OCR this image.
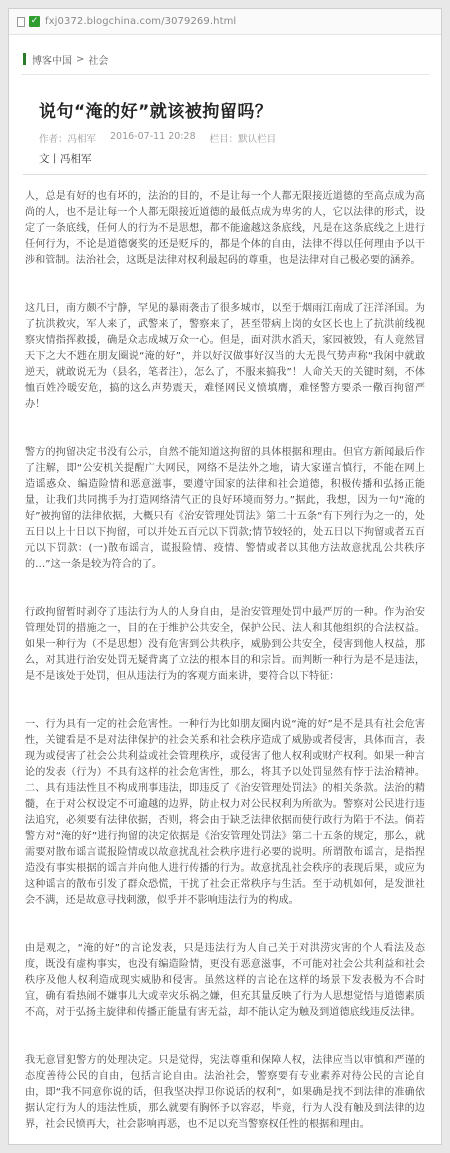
✓ fxj0372.blogchina.com/3079269.html
博客中国 > 社会
说句“淹的好”就该被拘留吗？
作者：冯相军 2016-07-11 20:28 栏目：默认栏目
文丨冯相军

人，总是有好的也有坏的，法治的目的，不是让每一个人都无限接近道德的至高点成为高尚的人，也不是让每一个人都无限接近道德的最低点成为卑劣的人，它以法律的形式，设定了一条底线，任何人的行为不是思想，都不能逾越这条底线，凡是在这条底线之上进行任何行为，不论是道德褒奖的还是贬斥的，都是个体的自由，法律不得以任何理由予以干涉和管制。法治社会，这既是法律对权利最起码的尊重，也是法律对自己极必要的涵养。

这几日，南方颇不宁静，罕见的暴雨袭击了很多城市，以至于烟雨江南成了汪洋泽国。为了抗洪救灾，军人来了，武警来了，警察来了，甚至带病上岗的女区长也上了抗洪前线视察灾情指挥救援，确是众志成城万众一心。但是，面对洪水滔天，家园被毁，有人竟然冒天下之大不韪在朋友圈说“淹的好”，并以好汉做事好汉当的大无畏气势声称“我闲中就敢逆天，就敢说无为（县名，笔者注），怎么了，不服来搞我”！人命关天的关键时刻，不体恤百姓冷暖安危，搞的这么声势震天，难怪网民义愤填膺，难怪警方要杀一儆百拘留严办！

警方的拘留决定书没有公示，自然不能知道这拘留的具体根据和理由。但官方新闻最后作了注解，即“公安机关提醒广大网民，网络不是法外之地，请大家谨言慎行，不能在网上造谣惑众、编造险情和恶意滋事，要遵守国家的法律和社会道德，积极传播和弘扬正能量，让我们共同携手为打造网络清气正的良好环境而努力。”据此，我想，因为一句“淹的好”被拘留的法律依据，大概只有《治安管理处罚法》第二十五条“有下列行为之一的，处五日以上十日以下拘留，可以并处五百元以下罚款;情节较轻的，处五日以下拘留或者五百元以下罚款：(一)散布谣言，谎报险情、疫情、警情或者以其他方法故意扰乱公共秩序的…”这一条是较为符合的了。

行政拘留暂时剥夺了违法行为人的人身自由，是治安管理处罚中最严厉的一种。作为治安管理处罚的措施之一，目的在于维护公共安全，保护公民、法人和其他组织的合法权益。如果一种行为（不是思想）没有危害到公共秩序，威胁到公共安全，侵害到他人权益，那么，对其进行治安处罚无疑背离了立法的根本目的和宗旨。而判断一种行为是不是违法，是不是该处于处罚，但从违法行为的客观方面来讲，要符合以下特征：

一、行为具有一定的社会危害性。一种行为比如朋友圈内说“淹的好”是不是具有社会危害性，关键看是不是对法律保护的社会关系和社会秩序造成了威胁或者侵害，具体而言，表现为或侵害了社会公共利益或社会管理秩序，或侵害了他人权利或财产权利。如果一种言论的发表（行为）不具有这样的社会危害性，那么，将其予以处罚显然有悖于法治精神。二、具有违法性且不构成刑事违法，即违反了《治安管理处罚法》的相关条款。法治的精髓，在于对公权设定不可逾越的边界，防止权力对公民权利为所欲为。警察对公民进行违法追究，必须要有法律依据，否则，将会由于缺乏法律依据而使行政行为陷于不法。倘若警方对“淹的好”进行拘留的决定依据是《治安管理处罚法》第二十五条的规定，那么，就需要对散布谣言谎报险情或以故意扰乱社会秩序进行必要的说明。所谓散布谣言，是指捏造没有事实根据的谣言并向他人进行传播的行为。故意扰乱社会秩序的表现后果，或应为这种谣言的散布引发了群众恐慌，干扰了社会正常秩序与生活。至于动机如何，是发泄社会不满，还是故意寻找刺激，似乎并不影响违法行为的构成。

由是观之，“淹的好”的言论发表，只是违法行为人自己关于对洪涝灾害的个人看法及态度，既没有虚构事实，也没有编造险情，更没有恶意滋事，不可能对社会公共利益和社会秩序及他人权利造成现实威胁和侵害。虽然这样的言论在这样的场景下发表极为不合时宜，确有看热闹不嫌事儿大或幸灾乐祸之嫌，但充其量反映了行为人思想觉悟与道德素质不高，对于弘扬主旋律和传播正能量有害无益，却不能认定为触及到道德底线违反法律。

我无意冒犯警方的处理决定。只是觉得，宪法尊重和保障人权，法律应当以审慎和严谨的态度善待公民的自由，包括言论自由。法治社会，警察要有专业素养对待公民的言论自由，即“我不同意你说的话，但我坚决捍卫你说话的权利”，如果确是找不到法律的准确依据认定行为人的违法性质，那么就要有胸怀予以容忍，毕竟，行为人没有触及到法律的边界，社会民愤再大，社会影响再恶，也不足以充当警察权任性的根据和理由。
